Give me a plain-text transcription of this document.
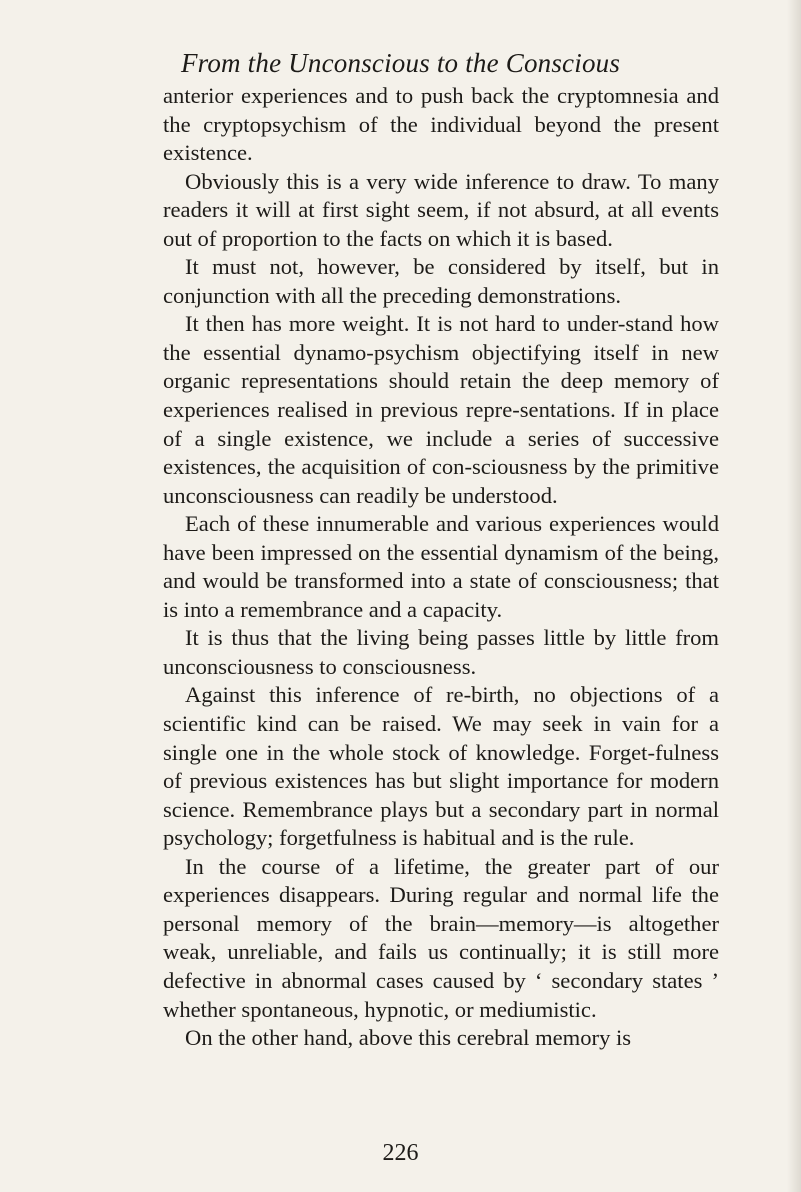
From the Unconscious to the Conscious

anterior experiences and to push back the cryptomnesia and the cryptopsychism of the individual beyond the present existence.

Obviously this is a very wide inference to draw. To many readers it will at first sight seem, if not absurd, at all events out of proportion to the facts on which it is based.

It must not, however, be considered by itself, but in conjunction with all the preceding demonstrations.

It then has more weight. It is not hard to under-stand how the essential dynamo-psychism objectifying itself in new organic representations should retain the deep memory of experiences realised in previous repre-sentations. If in place of a single existence, we include a series of successive existences, the acquisition of con-sciousness by the primitive unconsciousness can readily be understood.

Each of these innumerable and various experiences would have been impressed on the essential dynamism of the being, and would be transformed into a state of consciousness; that is into a remembrance and a capacity.

It is thus that the living being passes little by little from unconsciousness to consciousness.

Against this inference of re-birth, no objections of a scientific kind can be raised. We may seek in vain for a single one in the whole stock of knowledge. Forget-fulness of previous existences has but slight importance for modern science. Remembrance plays but a secondary part in normal psychology; forgetfulness is habitual and is the rule.

In the course of a lifetime, the greater part of our experiences disappears. During regular and normal life the personal memory of the brain—memory—is altogether weak, unreliable, and fails us continually; it is still more defective in abnormal cases caused by ‘ secondary states ’ whether spontaneous, hypnotic, or mediumistic.

On the other hand, above this cerebral memory is

226
